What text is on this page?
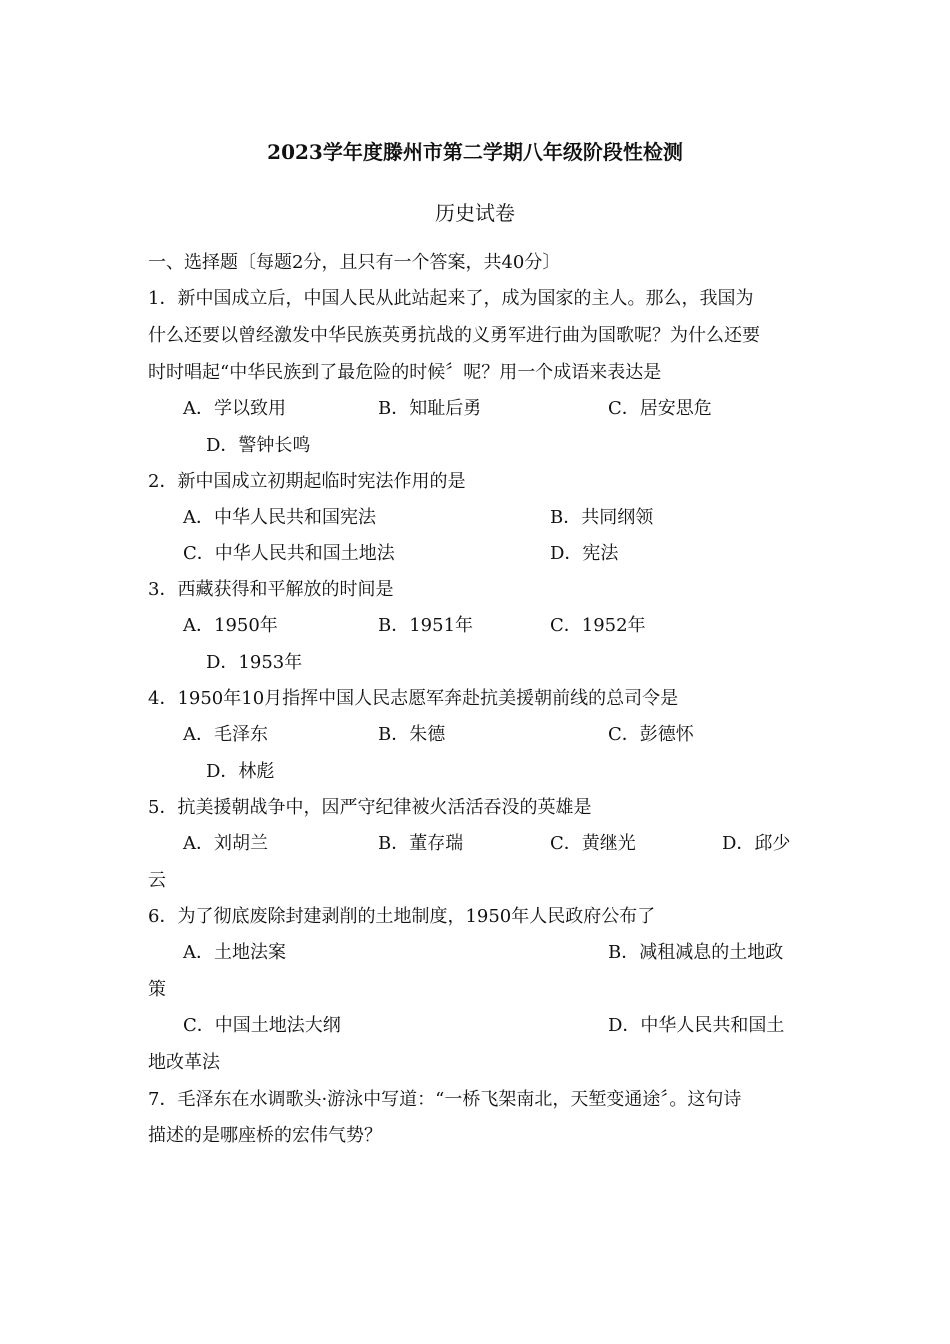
2023学年度滕州市第二学期八年级阶段性检测
历史试卷
一、选择题〔每题2分，且只有一个答案，共40分〕
1．新中国成立后，中国人民从此站起来了，成为国家的主人。那么，我国为
什么还要以曾经激发中华民族英勇抗战的义勇军进行曲为国歌呢？为什么还要
时时唱起“中华民族到了最危险的时候〞呢？用一个成语来表达是
A．学以致用	B．知耻后勇	C．居安思危
D．警钟长鸣
2．新中国成立初期起临时宪法作用的是
A．中华人民共和国宪法	B．共同纲领
C．中华人民共和国土地法	D．宪法
3．西藏获得和平解放的时间是
A．1950年	B．1951年	C．1952年
D．1953年
4．1950年10月指挥中国人民志愿军奔赴抗美援朝前线的总司令是
A．毛泽东	B．朱德	C．彭德怀
D．林彪
5．抗美援朝战争中，因严守纪律被火活活吞没的英雄是
A．刘胡兰	B．董存瑞	C．黄继光	D．邱少
云
6．为了彻底废除封建剥削的土地制度，1950年人民政府公布了
A．土地法案	B．减租减息的土地政
策
C．中国土地法大纲	D．中华人民共和国土
地改革法
7．毛泽东在水调歌头·游泳中写道：“一桥飞架南北，天堑变通途〞。这句诗
描述的是哪座桥的宏伟气势？
